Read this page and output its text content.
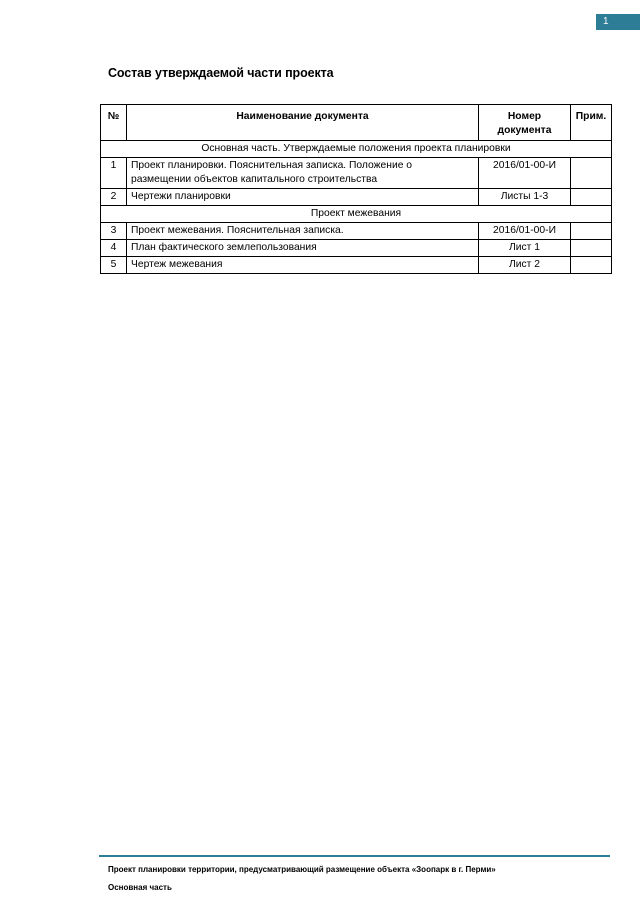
1
Состав утверждаемой части проекта
№	Наименование документа	Номер документа	Прим.
Основная часть. Утверждаемые положения проекта планировки			
1	Проект планировки. Пояснительная записка. Положение о размещении объектов капитального строительства	2016/01-00-И	
2	Чертежи планировки	Листы 1-3	
Проект межевания			
3	Проект межевания. Пояснительная записка.	2016/01-00-И	
4	План фактического землепользования	Лист 1	
5	Чертеж межевания	Лист 2	
Проект планировки территории, предусматривающий размещение объекта «Зоопарк в г. Перми»
Основная часть
